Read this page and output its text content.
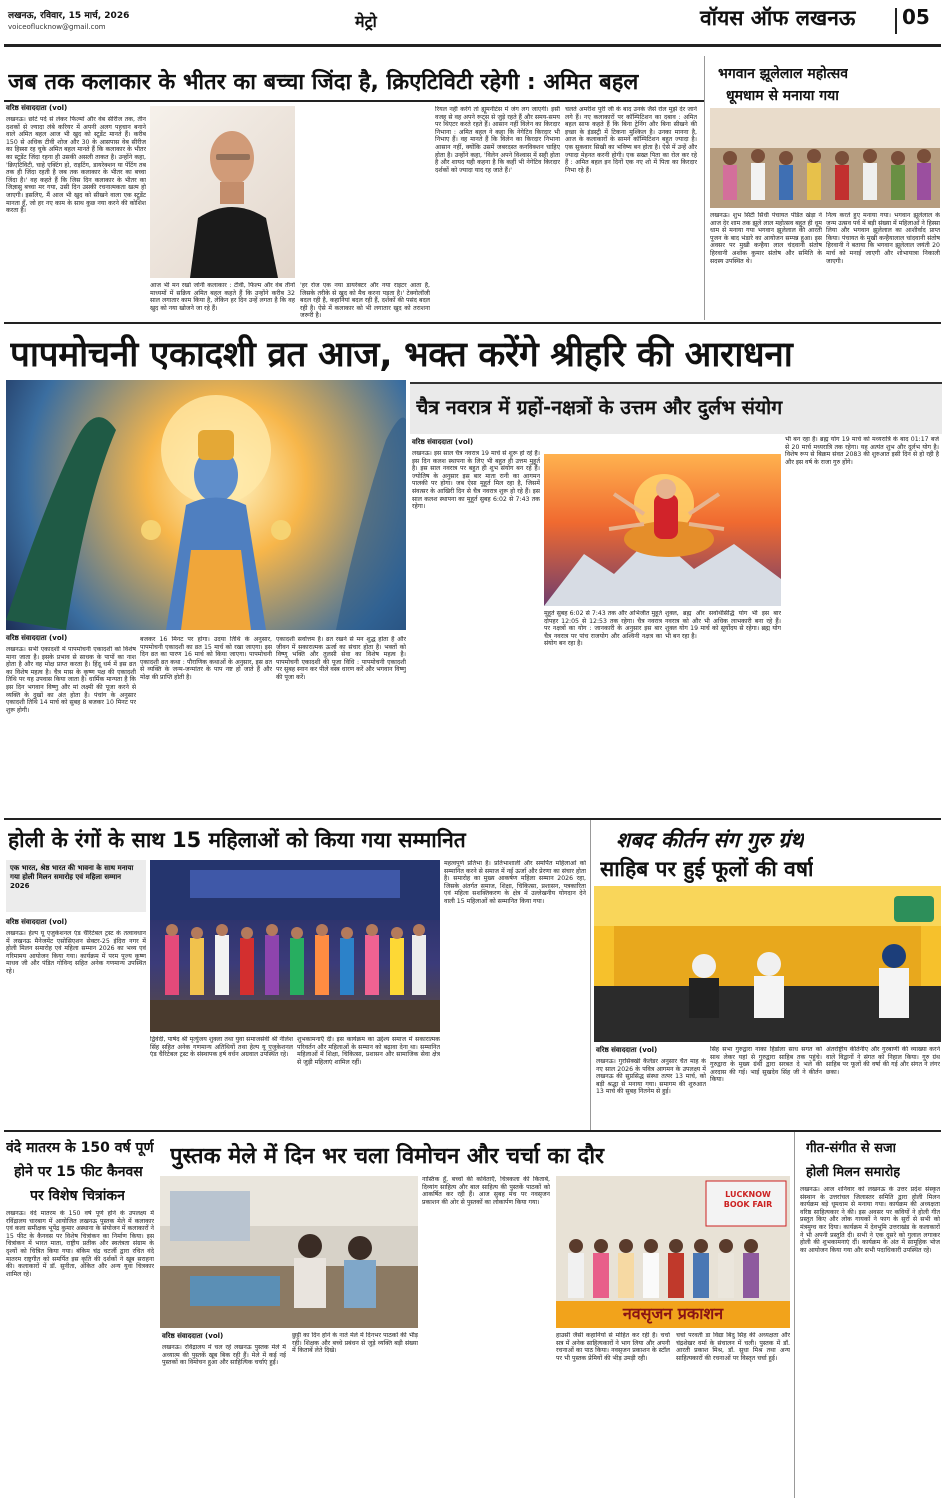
लखनऊ, रविवार, 15 मार्च, 2026
voiceoflucknow@gmail.com	मेट्रो	वॉयस ऑफ लखनऊ 05
जब तक कलाकार के भीतर का बच्चा जिंदा है, क्रिएटिविटी रहेगी : अमित बहल
वरिष्ठ संवाददाता (vol)
लखनऊ। छोटे पर्दे से लेकर फिल्मों और वेब सीरीज तक, तीन दशकों से ज्यादा लंबे करियर में अपनी अलग पहचान बनाने वाले अमित बहल आज भी खुद को स्टूडेंट मानते हैं। करीब 150 से अधिक टीवी शोज और 30 के आसपास वेब सीरीज का हिस्सा रह चुके अमित बहल मानते हैं कि कलाकार के भीतर का स्टूडेंट जिंदा रहना ही उसकी असली ताकत है। उन्होंने कहा, 'क्रिएटिविटी, चाहे एक्टिंग हो, राइटिंग, डायरेक्शन या पेंटिंग तब तक ही जिंदा रहती है जब तक कलाकार के भीतर का बच्चा जिंदा है।' वह कहते हैं कि जिस दिन कलाकार के भीतर का जिज्ञासु बच्चा मर गया, उसी दिन उसकी रचनात्मकता खत्म हो जाएगी। इसलिए, मैं आज भी खुद को सीखने वाला एक स्टूडेंट मानता हूँ, जो हर नए काम के साथ कुछ नया करने की कोशिश करता है।
आज भी मन रखो जोनी कलाकार : टीवी, फिल्म और वेब तीनों माध्यमों में सक्रिय अमित बहल कहते हैं कि उन्होंने करीब 32 साल लगातार काम किया है, लेकिन हर दिन उन्हें लगता है कि वह खुद को नया खोजने जा रहे हैं।
'हर रोज एक नया डायरेक्टर और नया राइटर आता है, जिसके तरीके से खुद को मैच करना पड़ता है।' टेक्नोलॉजी बदल रही है, कहानियां बदल रही हैं, दर्शकों की पसंद बदल रही है। ऐसे में कलाकार को भी लगातार खुद को तराशना जरूरी है।
रियल नहीं करेंगे तो ह्यूमनीटेस में जंग लग जाएगी। इसी वजह से वह अपने रूट्स से जुड़े रहते हैं और समय-समय पर थिएटर करते रहते हैं। आसान नहीं विलेन का किरदार निभाना : अमित बहल ने कहा कि नेगेटिव किरदार भी निभाए हैं। वह मानते हैं कि विलेन का किरदार निभाना आसान नहीं, क्योंकि उसमें जबरदस्त कनविक्शन चाहिए होता है। उन्होंने कहा, 'विलेन अपने विश्वास में सही होता है और शायद यही कहना है कि कहीं भी नेगेटिव किरदार दर्शकों को ज्यादा याद रह जाते हैं।'
चलते अमरीश पुरी जी के बाद उनके जैसे रोल मुझे देर जाने लगे हैं। नए कलाकारों पर कॉम्पिटिशन का दबाव : अमित बहल साफ कहते हैं कि बिना ट्रेनिंग और बिना सीखने की इच्छा के इंडस्ट्री में टिकना मुश्किल है। उनका मानना है, आज के कलाकारों के सामने कॉम्पिटिशन बहुत ज्यादा है। एक सुकवार सिखी का भविष्य बन होता है। ऐसे में उन्हें और ज्यादा मेहनत करनी होगी। एक सख्त पिता का रोल कर रहे हैं : अमित बहल इन दिनों एक नए शो में पिता का किरदार निभा रहे हैं।
भगवान झूलेलाल महोत्सव
धूमधाम से मनाया गया
लखनऊ। शुभ सिटी सिंधी पंचायत पंडित खेड़ा ने आज देर शाम तक झूले लाल महोत्सव बहुत ही धूम धाम से मनाया गया भगवान झूलेलाल की आरती पूजन के बाद भंडारे का आयोजन सम्पन्न हुआ। इस अवसर पर मुखी कन्हैया लाल चंदवानी संतोष हिरवानी अशोक कुमार संतोष और समिति के सदस्य उपस्थित थे।
नित्य करते हुए मनाया गया। भगवान झूलेलाल के जन्म उत्सव पर्व में बड़ी संख्या में महिलाओं ने हिस्सा लिया और भगवान झूलेलाल का आशीर्वाद प्राप्त किया। पंचायत के मुखी कन्हैयालाल चांदवानी संतोष हिरवानी ने बताया कि भगवान झूलेलाल जयंती 20 मार्च को मनाई जाएगी और शोभायात्रा निकाली जाएगी।
पापमोचनी एकादशी व्रत आज, भक्त करेंगे श्रीहरि की आराधना
वरिष्ठ संवाददाता (vol)
लखनऊ। सभी एकादशी में पापमोचनी एकादशी को विशेष माना जाता है। इसके प्रभाव से साधक के पापों का नाश होता है और वह मोक्ष प्राप्त करता है। हिंदू धर्म में इस व्रत का विशेष महत्व है। चैत्र मास के कृष्ण पक्ष की एकादशी तिथि पर यह उपवास किया जाता है। धार्मिक मान्यता है कि इस दिन भगवान विष्णु और मां लक्ष्मी की पूजा करने से व्यक्ति के दुखों का अंत होता है। पंचांग के अनुसार एकादशी तिथि 14 मार्च को सुबह 8 बजकर 10 मिनट पर शुरू होगी।
बजकर 16 मिनट पर होगा। उदया तिथि के अनुसार, पापमोचनी एकादशी का व्रत 15 मार्च को रखा जाएगा। इस दिन व्रत का पारण 16 मार्च को किया जाएगा। पापमोचनी एकादशी व्रत कथा : पौराणिक कथाओं के अनुसार, इस व्रत से व्यक्ति के जन्म-जन्मांतर के पाप नष्ट हो जाते हैं और मोक्ष की प्राप्ति होती है।
एकादशी सर्वोत्तम है। व्रत रखने से मन शुद्ध होता है और जीवन में सकारात्मक ऊर्जा का संचार होता है। भक्तों को विष्णु भक्ति और तुलसी सेवा का विशेष महत्व है। पापमोचनी एकादशी की पूजा विधि : पापमोचनी एकादशी पर सुबह स्नान कर पीले वस्त्र धारण करें और भगवान विष्णु की पूजा करें।
चैत्र नवरात्र में ग्रहों-नक्षत्रों के उत्तम और दुर्लभ संयोग
वरिष्ठ संवाददाता (vol)
लखनऊ। इस साल चैत्र नवरात्र 19 मार्च से शुरू हो रहे हैं। इस दिन कलश स्थापना के लिए भी बहुत ही उत्तम मुहूर्त है। इस साल नवरात्र पर बहुत ही शुभ संयोग बन रहे हैं। ज्योतिष के अनुसार इस बार माता रानी का आगमन पालकी पर होगा। जब ऐसा मुहूर्त मिल रहा है, जिसमें संवत्सर के आखिरी दिन से चैत्र नवरात्र शुरू हो रहे हैं। इस साल कलश स्थापना का मुहूर्त सुबह 6:02 से 7:43 तक रहेगा।
मुहूर्त सुबह 6:02 से 7:43 तक और अभिजीत मुहूर्त दोपहर 12:05 से 12:53 तक रहेगा। चैत्र नवरात्र पर नक्षत्रों का योग : जानकारी के अनुसार इस बार चैत्र नवरात्र पर पांच राजयोग और अश्विनी नक्षत्र का संयोग बन रहा है।
शुक्ल, ब्रह्म और सर्वार्थसिद्धि योग भी इस बार नवरात्र को और भी अधिक लाभकारी बना रहे हैं। शुक्ल योग 19 मार्च को सूर्योदय से रहेगा। ब्रह्म योग भी बन रहा है।
भी बन रहा है। ब्रह्म योग 19 मार्च को मध्यरात्रि के बाद 01:17 बजे से 20 मार्च मध्यरात्रि तक रहेगा। यह अत्यंत शुभ और दुर्लभ योग है। विशेष रूप से बिक्रम संवत 2083 की शुरुआत इसी दिन से हो रही है और इस वर्ष के राजा गुरु होंगे।
होली के रंगों के साथ 15 महिलाओं को किया गया सम्मानित
एक भारत, श्रेष्ठ भारत की भावना के साथ मनाया गया होली मिलन समारोह एवं महिला सम्मान 2026
वरिष्ठ संवाददाता (vol)
लखनऊ। हेल्प यू एजुकेशनल एंड चैरिटेबल ट्रस्ट के तत्वावधान में लखनऊ मैनेजमेंट एसोसिएशन सेक्टर-25 इंदिरा नगर में होली मिलन समारोह एवं महिला सम्मान 2026 का भव्य एवं गरिमामय आयोजन किया गया। कार्यक्रम में परम पूज्य कृष्ण माधव जी और पंडित गोविन्द सहित अनेक गणमान्य उपस्थित रहे।
द्विवेदी, पार्षद श्री मृत्युंजय शुक्ला तथा युवा समाजसेवी श्री नीलेश सिंह सहित अनेक गणमान्य अतिथियों तथा हेल्प यू एजुकेशनल एंड चैरिटेबल ट्रस्ट के संस्थापक हर्ष वर्धन अग्रवाल उपस्थित रहे।
शुभकामनाएँ दीं। इस कार्यक्रम का उद्देश्य समाज में सकारात्मक परिवर्तन और महिलाओं के सम्मान को बढ़ावा देना था। सम्मानित महिलाओं में शिक्षा, चिकित्सा, प्रशासन और सामाजिक सेवा क्षेत्र से जुड़ी महिलाएं शामिल रहीं।
महत्वपूर्ण प्रतिभा है। प्रतिभाशाली और समर्पित महिलाओं को सम्मानित करने से समाज में नई ऊर्जा और प्रेरणा का संचार होता है। समारोह का मुख्य आकर्षण महिला सम्मान 2026 रहा, जिसके अंतर्गत समाज, शिक्षा, चिकित्सा, प्रशासन, पत्रकारिता एवं महिला सशक्तिकरण के क्षेत्र में उल्लेखनीय योगदान देने वाली 15 महिलाओं को सम्मानित किया गया।
शबद कीर्तन संग गुरु ग्रंथ
साहिब पर हुई फूलों की वर्षा
वरिष्ठ संवाददाता (vol)
लखनऊ। गुरसिक्खी कैलेंडर अनुसार चैत माह के नए साल 2026 के पवित्र आगमन के उपलक्ष्य में लखनऊ की सुप्रसिद्ध संस्था तत्पर 13 मार्च, को बड़ी श्रद्धा से मनाया गया। समागम की शुरुआत 13 मार्च की सुबह नितनेम से हुई।
सिंह सभा गुरुद्वारा नाका हिंडोला साध सगत को साथ लेकर यहां से गुरुद्वारा साहिब तक पहुंचे। गुरुद्वारा के मुख्य ग्रंथी द्वारा सरबत दे भले की अरदास की गई। भाई सुखदेव सिंह जी ने कीर्तन किया।
अंतर्राष्ट्रीय कीर्तनीए और गुरबाणी की व्याख्या करने वाले विद्वानों ने संगत को निहाल किया। गुरु ग्रंथ साहिब पर फूलों की वर्षा की गई और संगत ने लंगर छका।
वंदे मातरम के 150 वर्ष पूर्ण
होने पर 15 फीट कैनवस
पर विशेष चित्रांकन
लखनऊ। वंदे मातरम के 150 वर्ष पूर्ण होने के उपलक्ष्य में रविंद्रालय चारबाग में आयोजित लखनऊ पुस्तक मेले में कलाकार एवं कला समीक्षक भूपेंद्र कुमार अस्थाना के संयोजन में कलाकारों ने 15 फीट के कैनवस पर विशेष चित्रांकन का निर्माण किया। इस चित्रांकन में भारत माता, राष्ट्रीय प्रतीक और स्वतंत्रता संग्राम के दृश्यों को चित्रित किया गया। बंकिम चंद्र चटर्जी द्वारा रचित वंदे मातरम राष्ट्रगीत को समर्पित इस कृति की दर्शकों ने खूब सराहना की। कलाकारों में डॉ. सुनीता, अंकित और अन्य युवा चित्रकार शामिल रहे।
पुस्तक मेले में दिन भर चला विमोचन और चर्चा का दौर
वरिष्ठ संवाददाता (vol)
लखनऊ। रविंद्रालय में चल रहे लखनऊ पुस्तक मेले में अध्यात्म की पुस्तकें खूब बिक रही हैं। मेले में कई नई पुस्तकों का विमोचन हुआ और साहित्यिक चर्चाएं हुईं।
छुट्टी का दिन होने के नाते मेले में दिनभर पाठकों की भीड़ रही। शिक्षक और बच्चे प्रबंधन से जुड़े व्यक्ति बड़ी संख्या में किताबें लेते दिखे।
नास्तिक हूँ, बच्चों की कविताएँ, चित्रकला की किताबें, दिव्यांग साहित्य और बाल साहित्य की पुस्तकें पाठकों को आकर्षित कर रही हैं। आज सुबह मंच पर नवसृजन प्रकाशन की ओर से पुस्तकों का लोकार्पण किया गया।
LUCKNOW BOOK FAIR
नवसृजन प्रकाशन
हाउसी जैसी कहानियों से मोहित कर रही है। चर्चा सत्र में अनेक साहित्यकारों ने भाग लिया और अपनी रचनाओं का पाठ किया। नवसृजन प्रकाशन के स्टॉल पर भी पुस्तक प्रेमियों की भीड़ उमड़ी रही।
चर्चा परवर्ती डा विद्या बिंदु सिंह की अध्यक्षता और चंद्रशेखर वर्मा के संचालन में चली। पुस्तक में डॉ. आरती प्रकाश मिश्र, डॉ. सुधा मिश्र तथा अन्य साहित्यकारों की रचनाओं पर विस्तृत चर्चा हुई।
गीत-संगीत से सजा
होली मिलन समारोह
लखनऊ। आज शनिवार को लखनऊ के उत्तर प्रदेश संस्कृत संस्थान के उत्तरांचल जिलास्तर समिति द्वारा होली मिलन कार्यक्रम बड़े धूमधाम से मनाया गया। कार्यक्रम की अध्यक्षता वरिष्ठ साहित्यकार ने की। इस अवसर पर कवियों ने होली गीत प्रस्तुत किए और लोक गायकों ने फाग के सुरों से सभी को मंत्रमुग्ध कर दिया। कार्यक्रम में देवभूमि उत्तराखंड के कलाकारों ने भी अपनी प्रस्तुति दी। सभी ने एक दूसरे को गुलाल लगाकर होली की शुभकामनाएं दीं। कार्यक्रम के अंत में सामूहिक भोज का आयोजन किया गया और सभी पदाधिकारी उपस्थित रहे।
